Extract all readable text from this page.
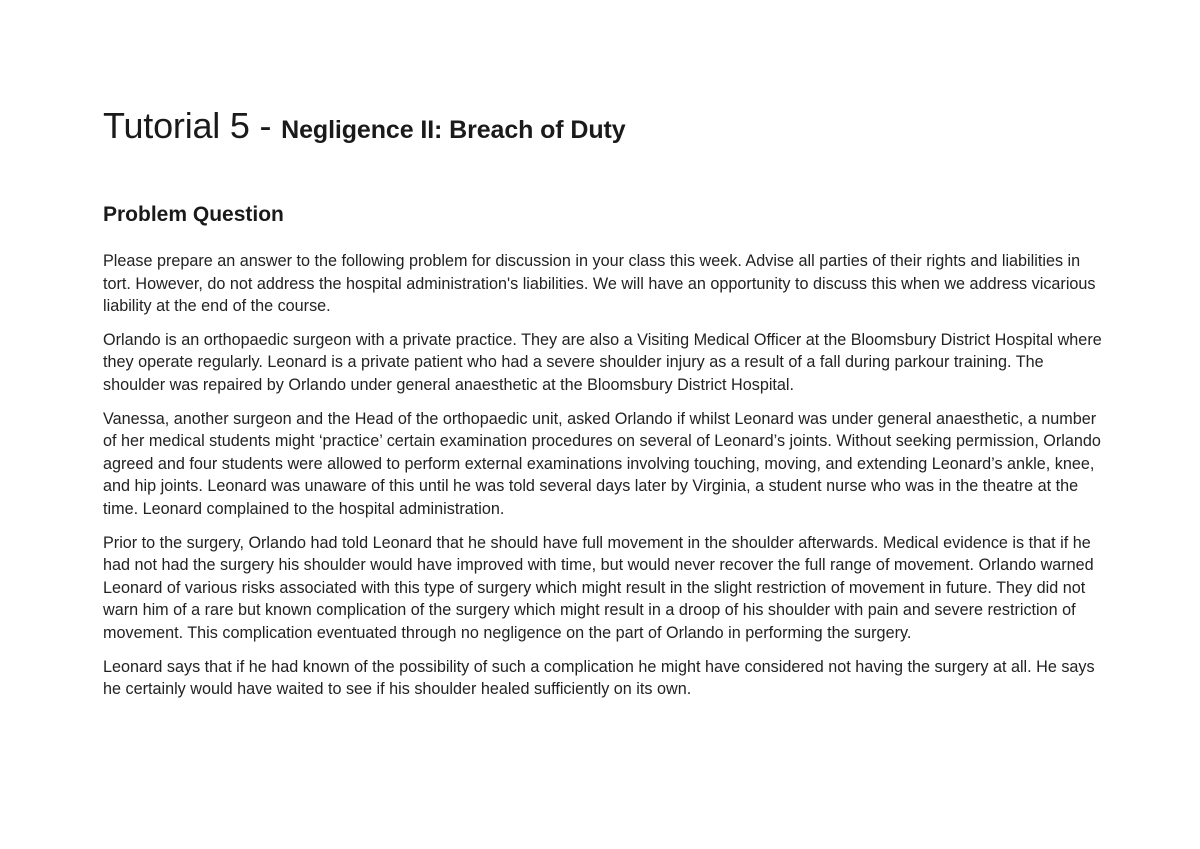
Tutorial 5 - Negligence II: Breach of Duty
Problem Question

Please prepare an answer to the following problem for discussion in your class this week. Advise all parties of their rights and liabilities in tort. However, do not address the hospital administration's liabilities. We will have an opportunity to discuss this when we address vicarious liability at the end of the course.

Orlando is an orthopaedic surgeon with a private practice. They are also a Visiting Medical Officer at the Bloomsbury District Hospital where they operate regularly. Leonard is a private patient who had a severe shoulder injury as a result of a fall during parkour training. The shoulder was repaired by Orlando under general anaesthetic at the Bloomsbury District Hospital.

Vanessa, another surgeon and the Head of the orthopaedic unit, asked Orlando if whilst Leonard was under general anaesthetic, a number of her medical students might ‘practice’ certain examination procedures on several of Leonard’s joints. Without seeking permission, Orlando agreed and four students were allowed to perform external examinations involving touching, moving, and extending Leonard’s ankle, knee, and hip joints. Leonard was unaware of this until he was told several days later by Virginia, a student nurse who was in the theatre at the time. Leonard complained to the hospital administration.

Prior to the surgery, Orlando had told Leonard that he should have full movement in the shoulder afterwards. Medical evidence is that if he had not had the surgery his shoulder would have improved with time, but would never recover the full range of movement. Orlando warned Leonard of various risks associated with this type of surgery which might result in the slight restriction of movement in future. They did not warn him of a rare but known complication of the surgery which might result in a droop of his shoulder with pain and severe restriction of movement. This complication eventuated through no negligence on the part of Orlando in performing the surgery.

Leonard says that if he had known of the possibility of such a complication he might have considered not having the surgery at all. He says he certainly would have waited to see if his shoulder healed sufficiently on its own.
